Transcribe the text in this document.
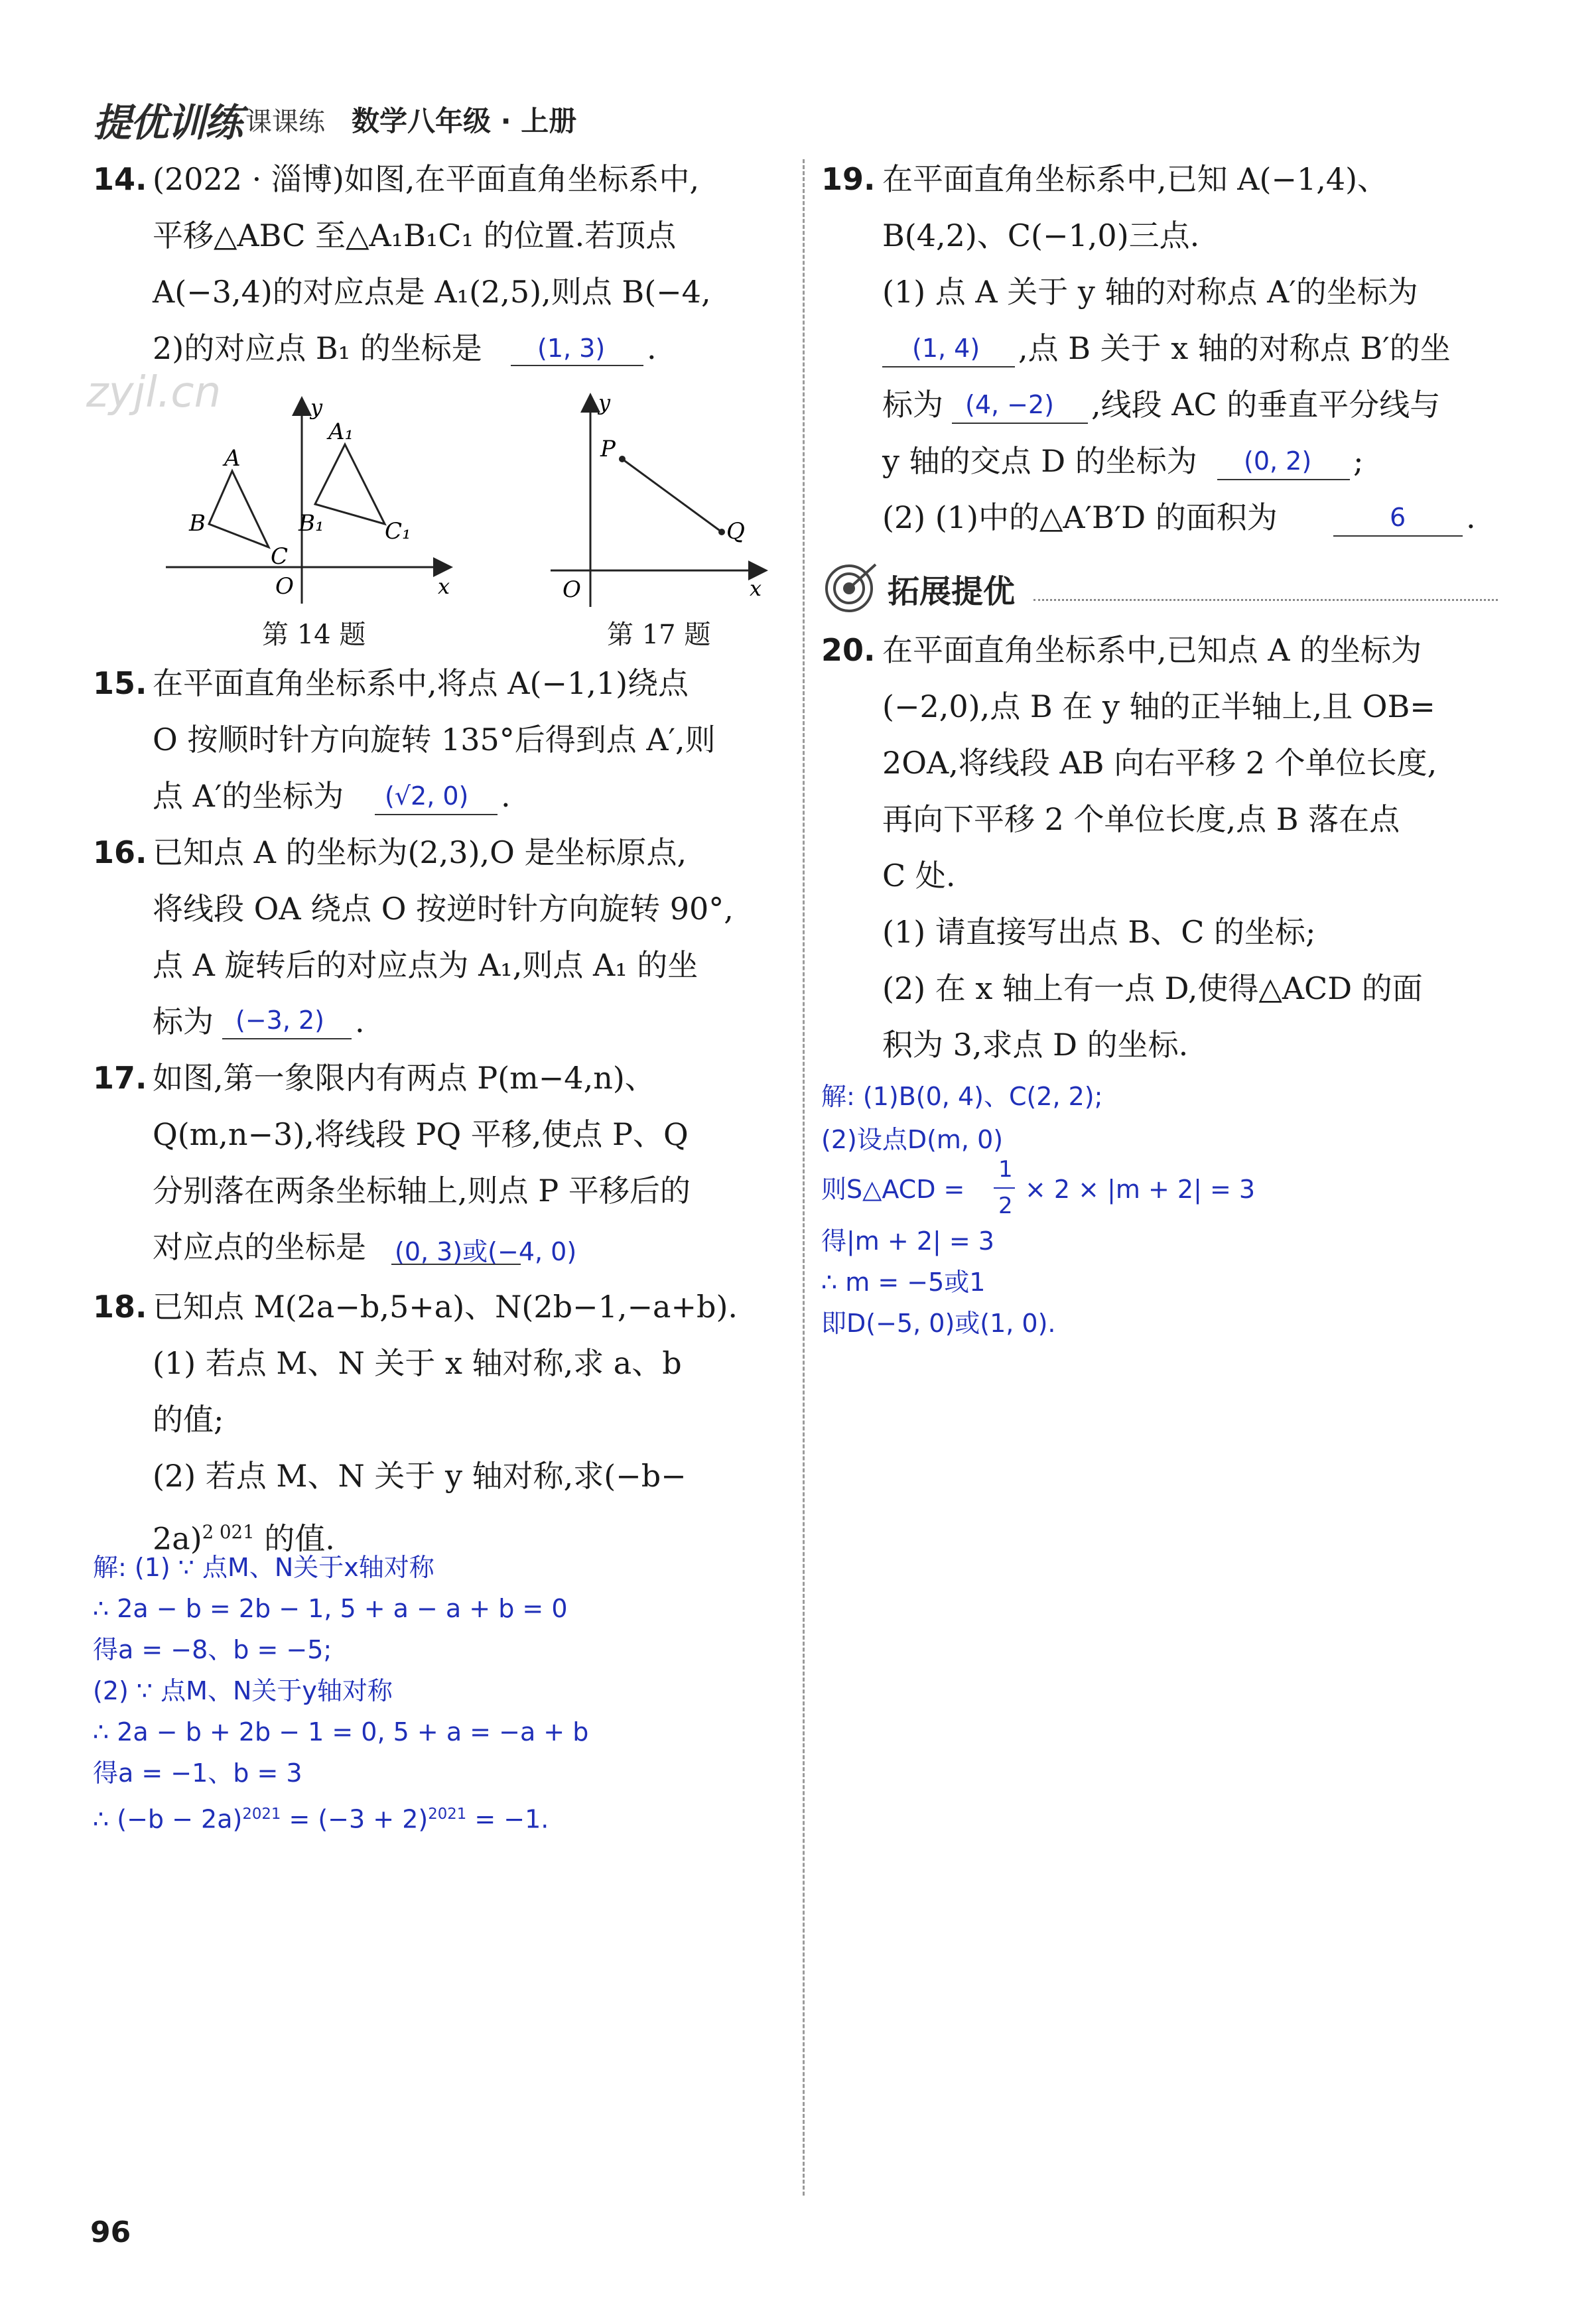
提优训练 课课练 数学八年级 · 上册
zyjl.cn
14. (2022 · 淄博)如图,在平面直角坐标系中,
平移△ABC 至△A₁B₁C₁ 的位置.若顶点
A(−3,4)的对应点是 A₁(2,5),则点 B(−4,
2)的对应点 B₁ 的坐标是 (1, 3) .
A
B
C
A₁
B₁	C₁
O	x
y
第 14 题
P
Q
O	x
y
第 17 题
15. 在平面直角坐标系中,将点 A(−1,1)绕点
O 按顺时针方向旋转 135°后得到点 A′,则
点 A′的坐标为 (√2, 0) .
16. 已知点 A 的坐标为(2,3),O 是坐标原点,
将线段 OA 绕点 O 按逆时针方向旋转 90°,
点 A 旋转后的对应点为 A₁,则点 A₁ 的坐
标为 (−3, 2) .
17. 如图,第一象限内有两点 P(m−4,n)、
Q(m,n−3),将线段 PQ 平移,使点 P、Q
分别落在两条坐标轴上,则点 P 平移后的
对应点的坐标是 (0, 3)或(−4, 0)
18. 已知点 M(2a−b,5+a)、N(2b−1,−a+b).
(1) 若点 M、N 关于 x 轴对称,求 a、b
的值;
(2) 若点 M、N 关于 y 轴对称,求(−b−
2a)$^{2 021}$ 的值.
解: (1) ∵ 点M、N关于x轴对称
∴ 2a − b = 2b − 1, 5 + a − a + b = 0
得a = −8、b = −5;
(2) ∵ 点M、N关于y轴对称
∴ 2a − b + 2b − 1 = 0, 5 + a = −a + b
得a = −1、b = 3
∴ $(-b - 2a)^{2021} = (-3 + 2)^{2021} = -1$.
19. 在平面直角坐标系中,已知 A(−1,4)、
B(4,2)、C(−1,0)三点.
(1) 点 A 关于 y 轴的对称点 A′的坐标为
(1, 4) ,点 B 关于 x 轴的对称点 B′的坐
标为 (4, −2) ,线段 AC 的垂直平分线与
y 轴的交点 D 的坐标为 (0, 2) ;
(2) (1)中的△A′B′D 的面积为	6 .
拓展提优
20. 在平面直角坐标系中,已知点 A 的坐标为
(−2,0),点 B 在 y 轴的正半轴上,且 OB=
2OA,将线段 AB 向右平移 2 个单位长度,
再向下平移 2 个单位长度,点 B 落在点
C 处.
(1) 请直接写出点 B、C 的坐标;
(2) 在 x 轴上有一点 D,使得△ACD 的面
积为 3,求点 D 的坐标.
解: (1)B(0, 4)、C(2, 2);
(2)设点D(m, 0)
则S△ACD =
1
2
× 2 × |m + 2| = 3
得|m + 2| = 3
∴ m = −5或1
即D(−5, 0)或(1, 0).
96
